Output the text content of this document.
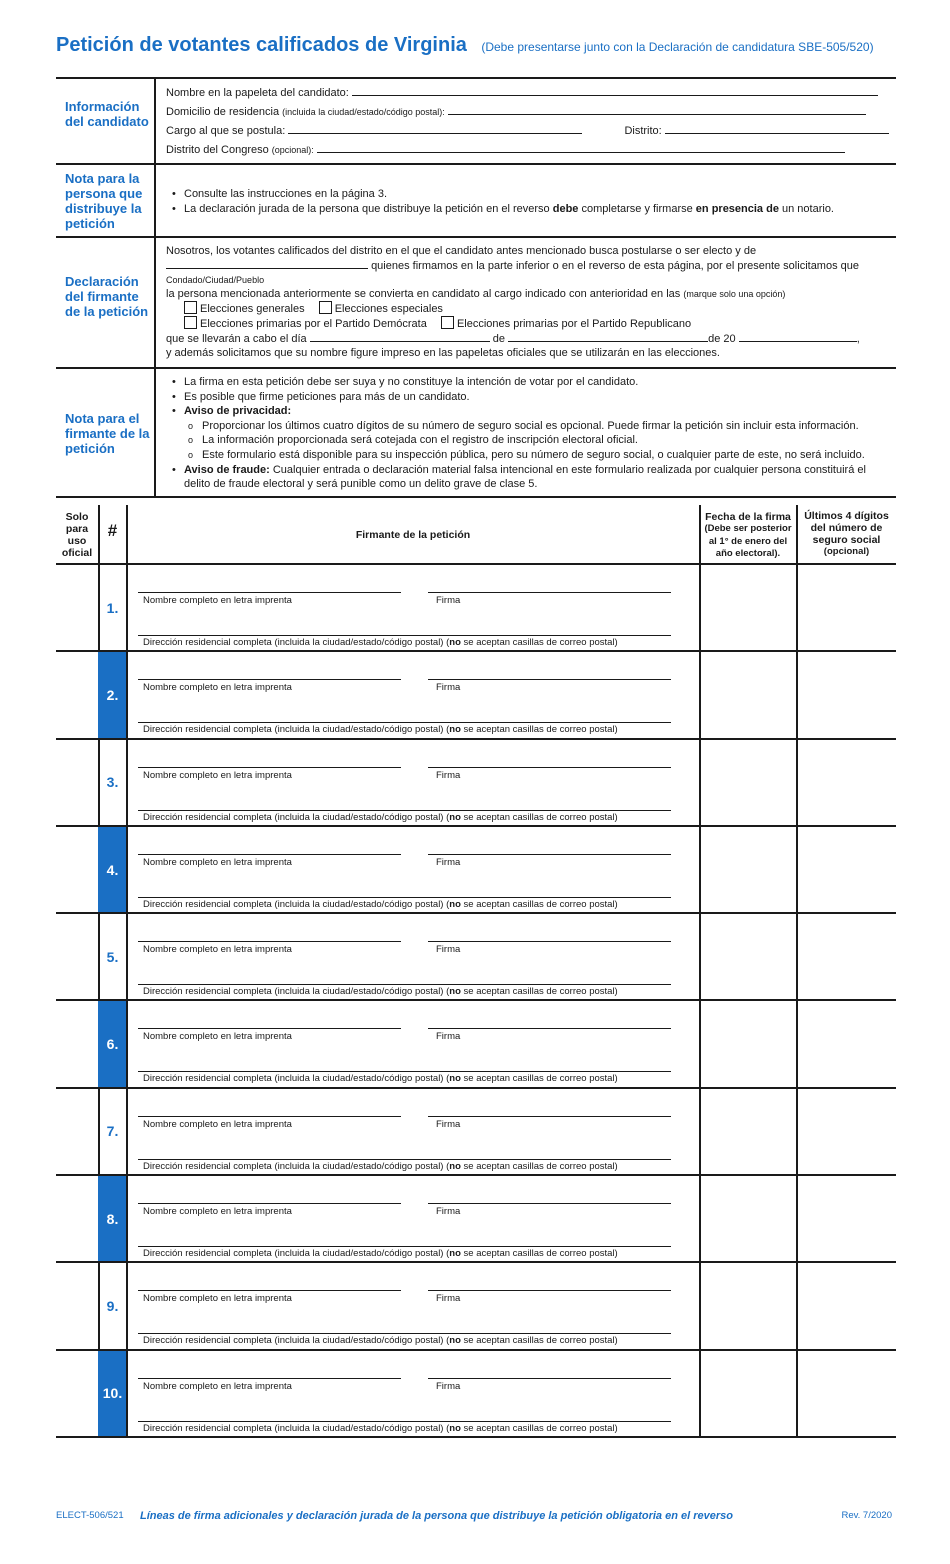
Petición de votantes calificados de Virginia (Debe presentarse junto con la Declaración de candidatura SBE-505/520)
Información del candidato
Nombre en la papeleta del candidato:
Domicilio de residencia (incluida la ciudad/estado/código postal):
Cargo al que se postula:	Distrito:
Distrito del Congreso (opcional):
Nota para la persona que distribuye la petición
• Consulte las instrucciones en la página 3.
• La declaración jurada de la persona que distribuye la petición en el reverso debe completarse y firmarse en presencia de un notario.
Declaración del firmante de la petición
Nosotros, los votantes calificados del distrito en el que el candidato antes mencionado busca postularse o ser electo y de
quienes firmamos en la parte inferior o en el reverso de esta página, por el presente solicitamos que
Condado/Ciudad/Pueblo
la persona mencionada anteriormente se convierta en candidato al cargo indicado con anterioridad en las (marque solo una opción)
Elecciones generales	Elecciones especiales
Elecciones primarias por el Partido Demócrata	Elecciones primarias por el Partido Republicano
que se llevarán a cabo el día	de	de 20	,
y además solicitamos que su nombre figure impreso en las papeletas oficiales que se utilizarán en las elecciones.
Nota para el firmante de la petición
• La firma en esta petición debe ser suya y no constituye la intención de votar por el candidato.
• Es posible que firme peticiones para más de un candidato.
• Aviso de privacidad:
o Proporcionar los últimos cuatro dígitos de su número de seguro social es opcional. Puede firmar la petición sin incluir esta información.
o La información proporcionada será cotejada con el registro de inscripción electoral oficial.
o Este formulario está disponible para su inspección pública, pero su número de seguro social, o cualquier parte de este, no será incluido.
• Aviso de fraude: Cualquier entrada o declaración material falsa intencional en este formulario realizada por cualquier persona constituirá el delito de fraude electoral y será punible como un delito grave de clase 5.
Solo para uso oficial
#	Firmante de la petición
Fecha de la firma
(Debe ser posterior al 1° de enero del año electoral).
Últimos 4 dígitos del número de seguro social
(opcional)
1.	Nombre completo en letra imprenta	Firma
Dirección residencial completa (incluida la ciudad/estado/código postal) (no se aceptan casillas de correo postal)
2.	Nombre completo en letra imprenta	Firma
Dirección residencial completa (incluida la ciudad/estado/código postal) (no se aceptan casillas de correo postal)
3.	Nombre completo en letra imprenta	Firma
Dirección residencial completa (incluida la ciudad/estado/código postal) (no se aceptan casillas de correo postal)
4.	Nombre completo en letra imprenta	Firma
Dirección residencial completa (incluida la ciudad/estado/código postal) (no se aceptan casillas de correo postal)
5.	Nombre completo en letra imprenta	Firma
Dirección residencial completa (incluida la ciudad/estado/código postal) (no se aceptan casillas de correo postal)
6.	Nombre completo en letra imprenta	Firma
Dirección residencial completa (incluida la ciudad/estado/código postal) (no se aceptan casillas de correo postal)
7.	Nombre completo en letra imprenta	Firma
Dirección residencial completa (incluida la ciudad/estado/código postal) (no se aceptan casillas de correo postal)
8.	Nombre completo en letra imprenta	Firma
Dirección residencial completa (incluida la ciudad/estado/código postal) (no se aceptan casillas de correo postal)
9.	Nombre completo en letra imprenta	Firma
Dirección residencial completa (incluida la ciudad/estado/código postal) (no se aceptan casillas de correo postal)
10.	Nombre completo en letra imprenta	Firma
Dirección residencial completa (incluida la ciudad/estado/código postal) (no se aceptan casillas de correo postal)
ELECT-506/521 Líneas de firma adicionales y declaración jurada de la persona que distribuye la petición obligatoria en el reverso	Rev. 7/2020
